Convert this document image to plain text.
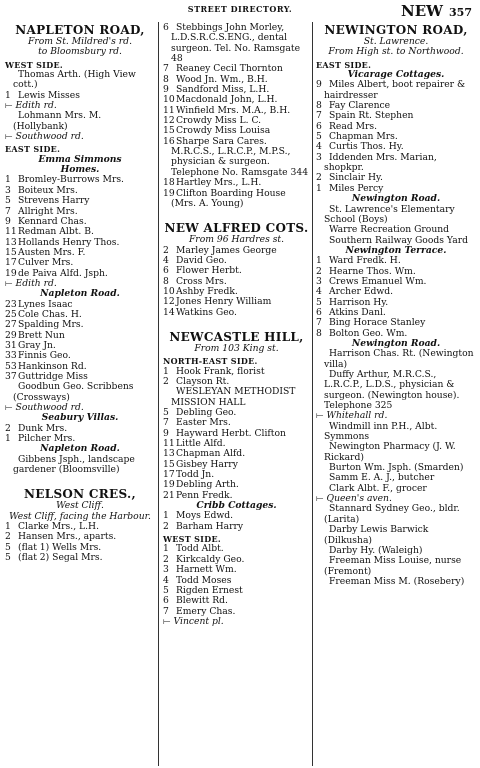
STREET DIRECTORY.	NEW 357
NAPLETON ROAD,
From St. Mildred's rd.
to Bloomsbury rd.
WEST SIDE.
Thomas Arth. (High View cott.)
1 Lewis Misses
⟝ Edith rd.
Lohmann Mrs. M. (Hollybank)
⟝ Southwood rd.
EAST SIDE.
Emma Simmons
Homes.
1 Bromley-Burrows Mrs.
3 Boiteux Mrs.
5 Strevens Harry
7 Allright Mrs.
9 Kennard Chas.
11Redman Albt. B.
13Hollands Henry Thos.
15Austen Mrs. F.
17Culver Mrs.
19de Paiva Alfd. Jsph.
⟝ Edith rd.
Napleton Road.
23Lynes Isaac
25Cole Chas. H.
27Spalding Mrs.
29Brett Nun
31Gray Jn.
33Finnis Geo.
53Hankinson Rd.
37Guttridge Miss
Goodbun Geo. Scribbens (Crossways)
⟝ Southwood rd.
Seabury Villas.
2 Dunk Mrs.
1 Pilcher Mrs.
Napleton Road.
Gibbens Jsph., landscape gardener (Bloomsville)
NELSON CRES.,
West Cliff.
West Cliff, facing the Harbour.
1 Clarke Mrs., L.H.
2 Hansen Mrs., aparts.
5 (flat 1) Wells Mrs.
5 (flat 2) Segal Mrs.
6 Stebbings John Morley, L.D.S.R.C.S.ENG., dental surgeon. Tel. No. Ramsgate 48
7 Reaney Cecil Thornton
8 Wood Jn. Wm., B.H.
9 Sandford Miss, L.H.
10Macdonald John, L.H.
11Winfield Mrs. M.A., B.H.
12Crowdy Miss L. C.
15Crowdy Miss Louisa
16Sharpe Sara Cares. M.R.C.S., L.R.C.P., M.P.S., physician & surgeon. Telephone No. Ramsgate 344
18Hartley Mrs., L.H.
19Clifton Boarding House (Mrs. A. Young)
NEW ALFRED COTS.
From 96 Hardres st.
2 Marley James George
4 David Geo.
6 Flower Herbt.
8 Cross Mrs.
10Ashby Fredk.
12Jones Henry William
14Watkins Geo.
NEWCASTLE HILL,
From 103 King st.
NORTH-EAST SIDE.
1 Hook Frank, florist
2 Clayson Rt.
WESLEYAN METHODIST MISSION HALL
5 Debling Geo.
7 Easter Mrs.
9 Hayward Herbt. Clifton
11Little Alfd.
13Chapman Alfd.
15Gisbey Harry
17Todd Jn.
19Debling Arth.
21Penn Fredk.
Cribb Cottages.
1 Moys Edwd.
2 Barham Harry
WEST SIDE.
1 Todd Albt.
2 Kirkcaldy Geo.
3 Harnett Wm.
4 Todd Moses
5 Rigden Ernest
6 Blewitt Rd.
7 Emery Chas.
⟝ Vincent pl.
NEWINGTON ROAD,
St. Lawrence.
From High st. to Northwood.
EAST SIDE.
Vicarage Cottages.
9 Miles Albert, boot repairer & hairdresser
8 Fay Clarence
7 Spain Rt. Stephen
6 Read Mrs.
5 Chapman Mrs.
4 Curtis Thos. Hy.
3 Iddenden Mrs. Marian, shopkpr.
2 Sinclair Hy.
1 Miles Percy
Newington Road.
St. Lawrence's Elementary School (Boys)
Warre Recreation Ground
Southern Railway Goods Yard
Newington Terrace.
1 Ward Fredk. H.
2 Hearne Thos. Wm.
3 Crews Emanuel Wm.
4 Archer Edwd.
5 Harrison Hy.
6 Atkins Danl.
7 Bing Horace Stanley
8 Bolton Geo. Wm.
Newington Road.
Harrison Chas. Rt. (Newington villa)
Duffy Arthur, M.R.C.S., L.R.C.P., L.D.S., physician & surgeon. (Newington house). Telephone 325
⟝ Whitehall rd.
Windmill inn P.H., Albt. Symmons
Newington Pharmacy (J. W. Rickard)
Burton Wm. Jsph. (Smarden)
Samm E. A. J., butcher
Clark Albt. F., grocer
⟝ Queen's aven.
Stannard Sydney Geo., bldr. (Larita)
Darby Lewis Barwick (Dilkusha)
Darby Hy. (Waleigh)
Freeman Miss Louise, nurse (Fremont)
Freeman Miss M. (Rosebery)
